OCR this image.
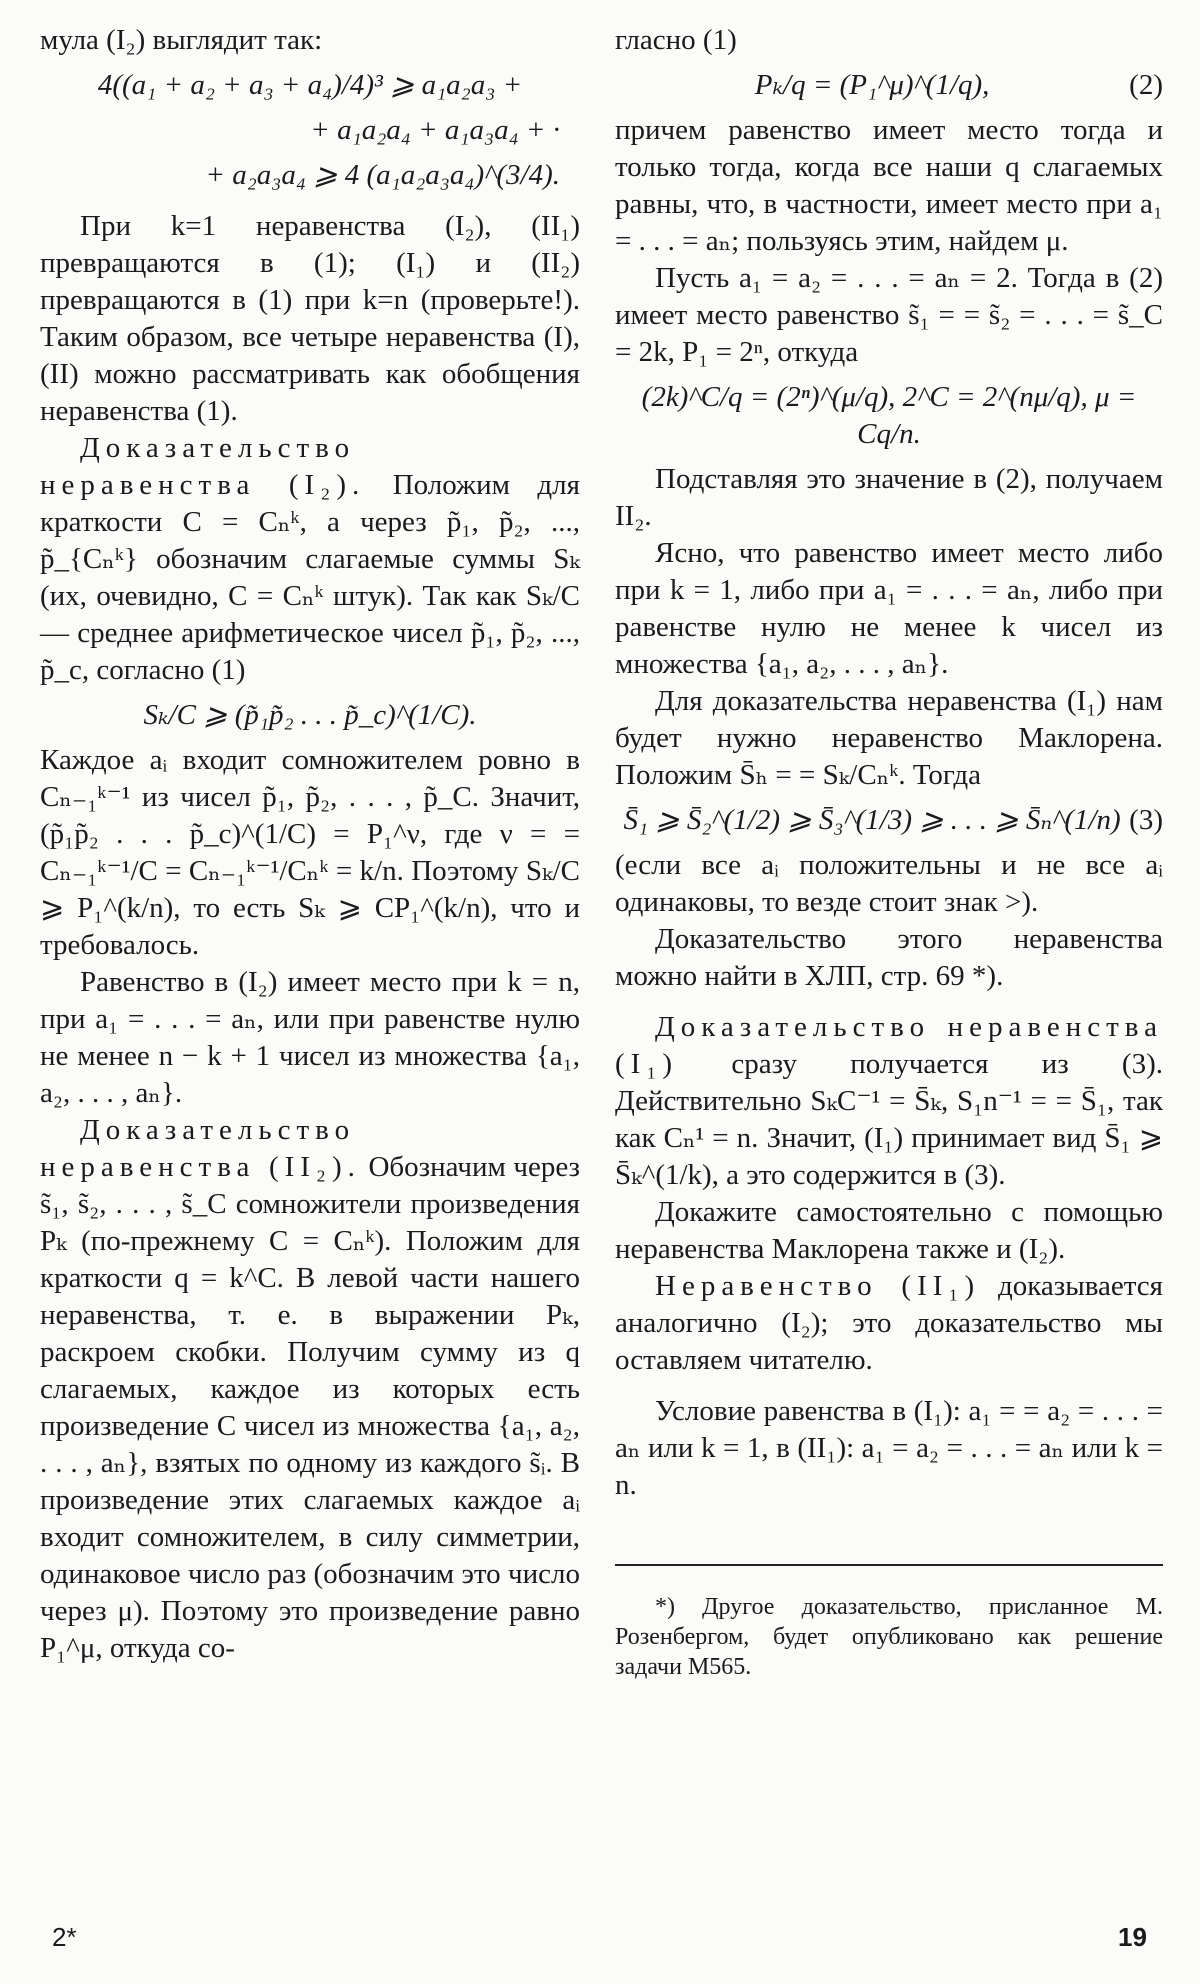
мула (I₂) выглядит так:

4((a₁ + a₂ + a₃ + a₄)/4)³ ⩾ a₁a₂a₃ +
+ a₁a₂a₄ + a₁a₃a₄ + ·
+ a₂a₃a₄ ⩾ 4 (a₁a₂a₃a₄)^(3/4).

При k=1 неравенства (I₂), (II₁) превращаются в (1); (I₁) и (II₂) превращаются в (1) при k=n (проверьте!). Таким образом, все четыре неравенства (I), (II) можно рассматривать как обобщения неравенства (1).

Доказательство неравенства (I₂). Положим для краткости C = Cₙᵏ, а через p̃₁, p̃₂, ..., p̃_{Cₙᵏ} обозначим слагаемые суммы Sₖ (их, очевидно, C = Cₙᵏ штук). Так как Sₖ/C — среднее арифметическое чисел p̃₁, p̃₂, ..., p̃_c, согласно (1)

Sₖ/C ⩾ (p̃₁p̃₂ . . . p̃_c)^(1/C).

Каждое aᵢ входит сомножителем ровно в Cₙ₋₁ᵏ⁻¹ из чисел p̃₁, p̃₂, . . . , p̃_C. Значит, (p̃₁p̃₂ . . . p̃_c)^(1/C) = P₁^ν, где ν = = Cₙ₋₁ᵏ⁻¹/C = Cₙ₋₁ᵏ⁻¹/Cₙᵏ = k/n. Поэтому Sₖ/C ⩾ P₁^(k/n), то есть Sₖ ⩾ CP₁^(k/n), что и требовалось.

Равенство в (I₂) имеет место при k = n, при a₁ = . . . = aₙ, или при равенстве нулю не менее n − k + 1 чисел из множества {a₁, a₂, . . . , aₙ}.

Доказательство неравенства (II₂). Обозначим через s̃₁, s̃₂, . . . , s̃_C сомножители произведения Pₖ (по-прежнему C = Cₙᵏ). Положим для краткости q = k^C. В левой части нашего неравенства, т. е. в выражении Pₖ, раскроем скобки. Получим сумму из q слагаемых, каждое из которых есть произведение C чисел из множества {a₁, a₂, . . . , aₙ}, взятых по одному из каждого s̃ᵢ. В произведение этих слагаемых каждое aᵢ входит сомножителем, в силу симметрии, одинаковое число раз (обозначим это число через μ). Поэтому это произведение равно P₁^μ, откуда со-

гласно (1)

Pₖ/q = (P₁^μ)^(1/q),	(2)

причем равенство имеет место тогда и только тогда, когда все наши q слагаемых равны, что, в частности, имеет место при a₁ = . . . = aₙ; пользуясь этим, найдем μ.

Пусть a₁ = a₂ = . . . = aₙ = 2. Тогда в (2) имеет место равенство s̃₁ = = s̃₂ = . . . = s̃_C = 2k, P₁ = 2ⁿ, откуда

(2k)^C/q = (2ⁿ)^(μ/q), 2^C = 2^(nμ/q), μ = Cq/n.

Подставляя это значение в (2), получаем II₂.

Ясно, что равенство имеет место либо при k = 1, либо при a₁ = . . . = aₙ, либо при равенстве нулю не менее k чисел из множества {a₁, a₂, . . . , aₙ}.

Для доказательства неравенства (I₁) нам будет нужно неравенство Маклорена. Положим S̄ₕ = = Sₖ/Cₙᵏ. Тогда

S̄₁ ⩾ S̄₂^(1/2) ⩾ S̄₃^(1/3) ⩾ . . . ⩾ S̄ₙ^(1/n) (3)

(если все aᵢ положительны и не все aᵢ одинаковы, то везде стоит знак >).

Доказательство этого неравенства можно найти в ХЛП, стр. 69 *).

Доказательство неравенства (I₁) сразу получается из (3). Действительно SₖC⁻¹ = S̄ₖ, S₁n⁻¹ = = S̄₁, так как Cₙ¹ = n. Значит, (I₁) принимает вид S̄₁ ⩾ S̄ₖ^(1/k), а это содержится в (3).

Докажите самостоятельно с помощью неравенства Маклорена также и (I₂).

Неравенство (II₁) доказывается аналогично (I₂); это доказательство мы оставляем читателю.

Условие равенства в (I₁): a₁ = = a₂ = . . . = aₙ или k = 1, в (II₁): a₁ = a₂ = . . . = aₙ или k = n.

*) Другое доказательство, присланное М. Розенбергом, будет опубликовано как решение задачи М565.

2*	19
